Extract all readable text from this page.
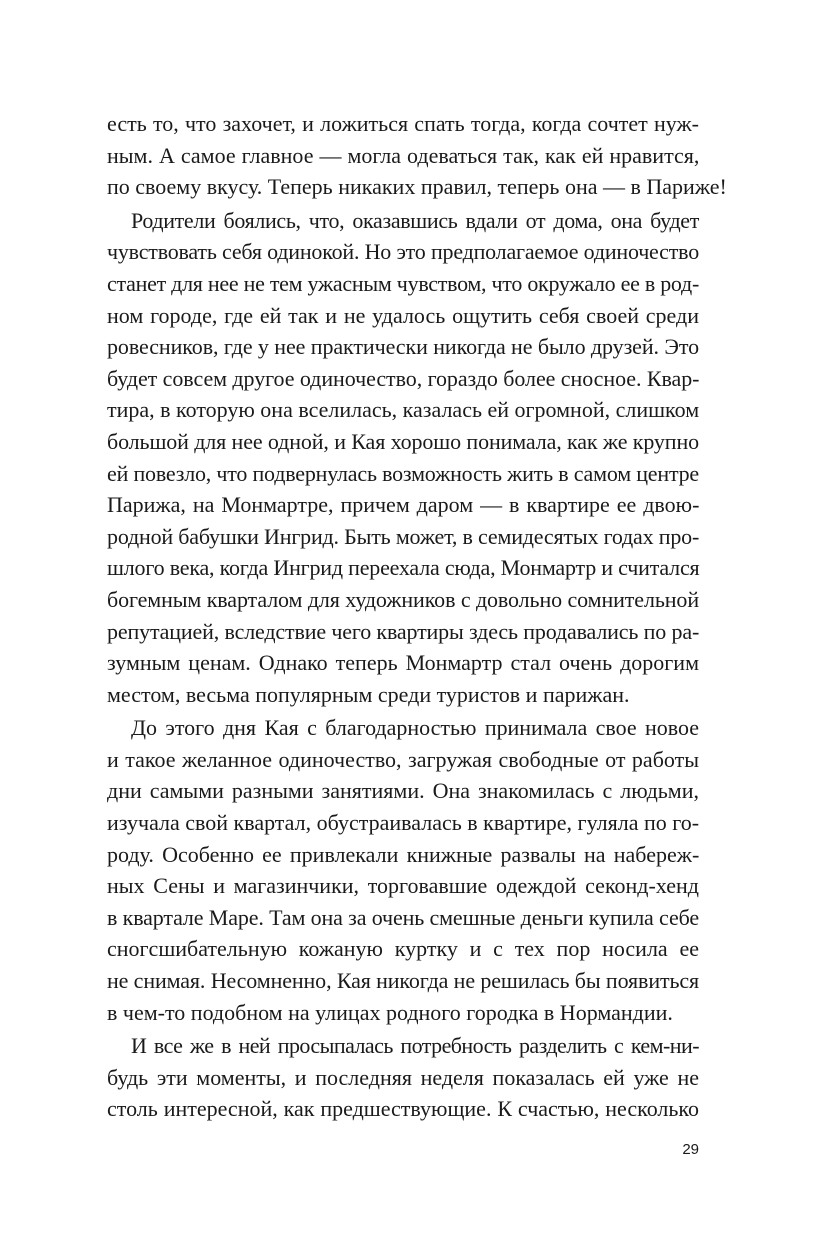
есть то, что захочет, и ложиться спать тогда, когда сочтет нуж-
ным. А самое главное — могла одеваться так, как ей нравится,
по своему вкусу. Теперь никаких правил, теперь она — в Париже!
Родители боялись, что, оказавшись вдали от дома, она будет
чувствовать себя одинокой. Но это предполагаемое одиночество
станет для нее не тем ужасным чувством, что окружало ее в род-
ном городе, где ей так и не удалось ощутить себя своей среди
ровесников, где у нее практически никогда не было друзей. Это
будет совсем другое одиночество, гораздо более сносное. Квар-
тира, в которую она вселилась, казалась ей огромной, слишком
большой для нее одной, и Кая хорошо понимала, как же крупно
ей повезло, что подвернулась возможность жить в самом центре
Парижа, на Монмартре, причем даром — в квартире ее двою-
родной бабушки Ингрид. Быть может, в семидесятых годах про-
шлого века, когда Ингрид переехала сюда, Монмартр и считался
богемным кварталом для художников с довольно сомнительной
репутацией, вследствие чего квартиры здесь продавались по ра-
зумным ценам. Однако теперь Монмартр стал очень дорогим
местом, весьма популярным среди туристов и парижан.
До этого дня Кая с благодарностью принимала свое новое
и такое желанное одиночество, загружая свободные от работы
дни самыми разными занятиями. Она знакомилась с людьми,
изучала свой квартал, обустраивалась в квартире, гуляла по го-
роду. Особенно ее привлекали книжные развалы на набереж-
ных Сены и магазинчики, торговавшие одеждой секонд-хенд
в квартале Маре. Там она за очень смешные деньги купила себе
сногсшибательную кожаную куртку и с тех пор носила ее
не снимая. Несомненно, Кая никогда не решилась бы появиться
в чем-то подобном на улицах родного городка в Нормандии.
И все же в ней просыпалась потребность разделить с кем-ни-
будь эти моменты, и последняя неделя показалась ей уже не
столь интересной, как предшествующие. К счастью, несколько
29
